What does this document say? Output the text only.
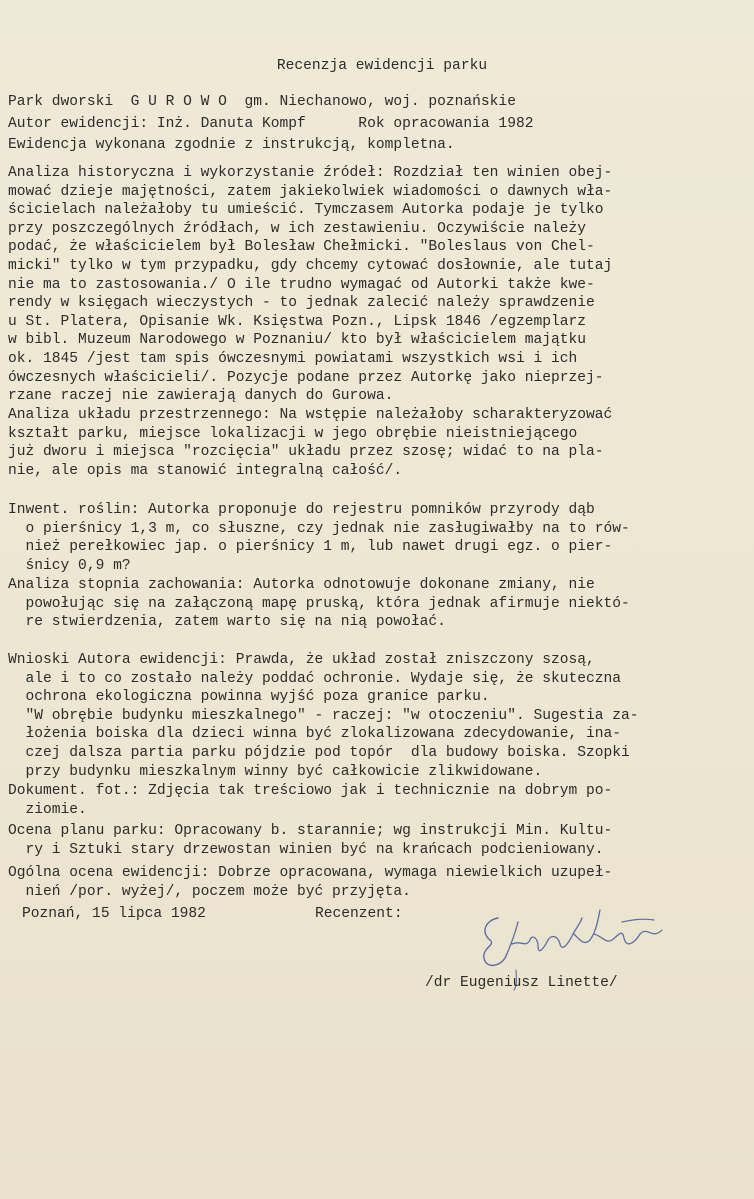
Recenzja ewidencji parku
Park dworski  G U R O W O  gm. Niechanowo, woj. poznańskie
Autor ewidencji: Inż. Danuta Kompf      Rok opracowania 1982
Ewidencja wykonana zgodnie z instrukcją, kompletna.
Analiza historyczna i wykorzystanie źródeł: Rozdział ten winien obej-
mować dzieje majętności, zatem jakiekolwiek wiadomości o dawnych wła-
ścicielach należałoby tu umieścić. Tymczasem Autorka podaje je tylko
przy poszczególnych źródłach, w ich zestawieniu. Oczywiście należy
podać, że właścicielem był Bolesław Chełmicki. "Boleslaus von Chel-
micki" tylko w tym przypadku, gdy chcemy cytować dosłownie, ale tutaj
nie ma to zastosowania./ O ile trudno wymagać od Autorki także kwe-
rendy w księgach wieczystych - to jednak zalecić należy sprawdzenie
u St. Platera, Opisanie Wk. Księstwa Pozn., Lipsk 1846 /egzemplarz
w bibl. Muzeum Narodowego w Poznaniu/ kto był właścicielem majątku
ok. 1845 /jest tam spis ówczesnymi powiatami wszystkich wsi i ich
ówczesnych właścicieli/. Pozycje podane przez Autorkę jako nieprzej-
rzane raczej nie zawierają danych do Gurowa.
Analiza układu przestrzennego: Na wstępie należałoby scharakteryzować
kształt parku, miejsce lokalizacji w jego obrębie nieistniejącego
już dworu i miejsca "rozcięcia" układu przez szosę; widać to na pla-
nie, ale opis ma stanowić integralną całość/.
Inwent. roślin: Autorka proponuje do rejestru pomników przyrody dąb
o pierśnicy 1,3 m, co słuszne, czy jednak nie zasługiwałby na to rów-
nież perełkowiec jap. o pierśnicy 1 m, lub nawet drugi egz. o pier-
śnicy 0,9 m?
Analiza stopnia zachowania: Autorka odnotowuje dokonane zmiany, nie
powołując się na załączoną mapę pruską, która jednak afirmuje niektó-
re stwierdzenia, zatem warto się na nią powołać.
Wnioski Autora ewidencji: Prawda, że układ został zniszczony szosą,
ale i to co zostało należy poddać ochronie. Wydaje się, że skuteczna
ochrona ekologiczna powinna wyjść poza granice parku.
"W obrębie budynku mieszkalnego" - raczej: "w otoczeniu". Sugestia za-
łożenia boiska dla dzieci winna być zlokalizowana zdecydowanie, ina-
czej dalsza partia parku pójdzie pod topór  dla budowy boiska. Szopki
przy budynku mieszkalnym winny być całkowicie zlikwidowane.
Dokument. fot.: Zdjęcia tak treściowo jak i technicznie na dobrym po-
ziomie.
Ocena planu parku: Opracowany b. starannie; wg instrukcji Min. Kultu-
ry i Sztuki stary drzewostan winien być na krańcach podcieniowany.
Ogólna ocena ewidencji: Dobrze opracowana, wymaga niewielkich uzupeł-
nień /por. wyżej/, poczem może być przyjęta.
Poznań, 15 lipca 1982	Recenzent:
/dr Eugeniusz Linette/
